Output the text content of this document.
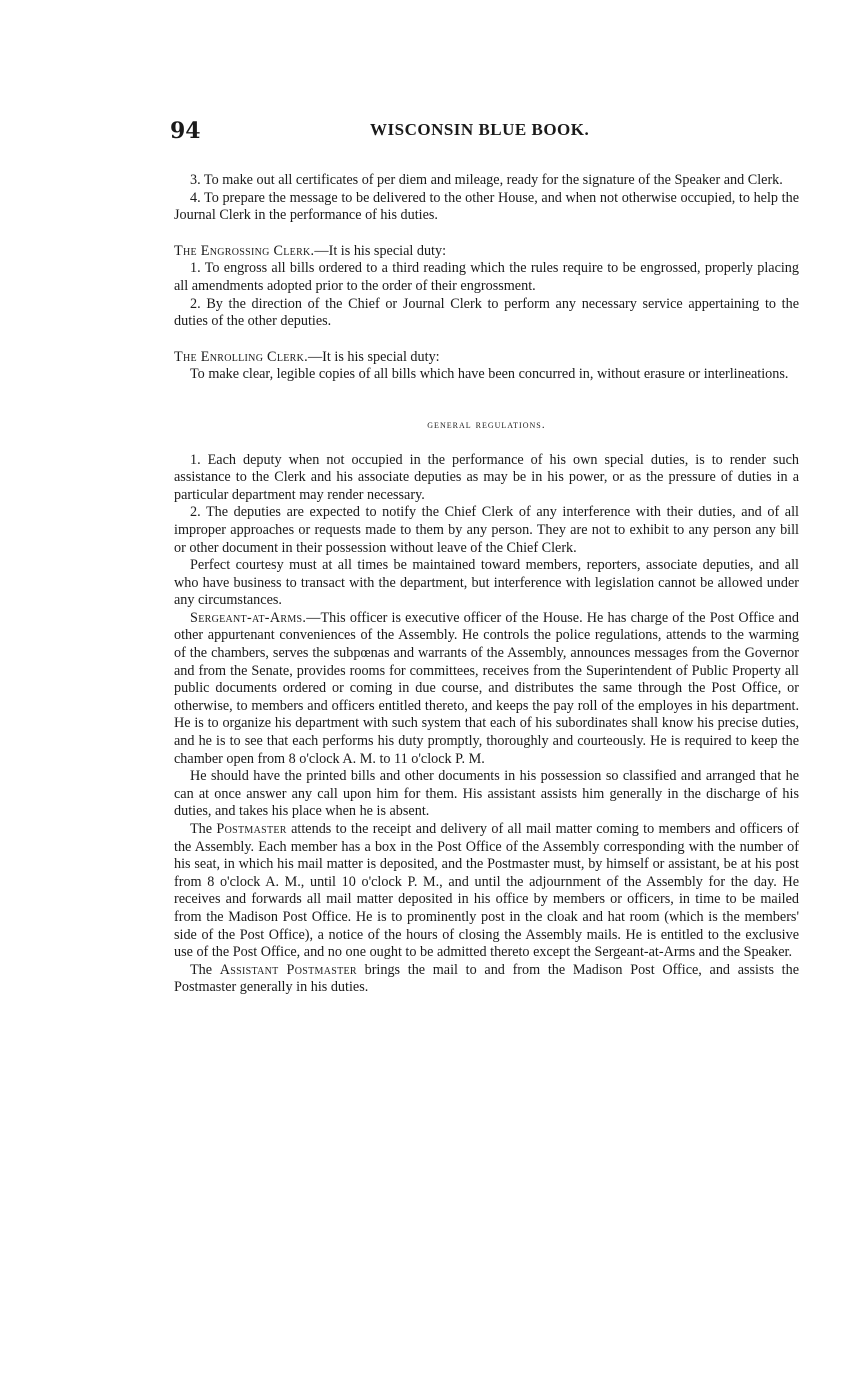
94	WISCONSIN BLUE BOOK.

3. To make out all certificates of per diem and mileage, ready for the signature of the Speaker and Clerk.

4. To prepare the message to be delivered to the other House, and when not otherwise occupied, to help the Journal Clerk in the performance of his duties.

The Engrossing Clerk.—It is his special duty:

1. To engross all bills ordered to a third reading which the rules require to be engrossed, properly placing all amendments adopted prior to the order of their engrossment.

2. By the direction of the Chief or Journal Clerk to perform any necessary service appertaining to the duties of the other deputies.

The Enrolling Clerk.—It is his special duty:

To make clear, legible copies of all bills which have been concurred in, without erasure or interlineations.

general regulations.

1. Each deputy when not occupied in the performance of his own special duties, is to render such assistance to the Clerk and his associate deputies as may be in his power, or as the pressure of duties in a particular department may render necessary.

2. The deputies are expected to notify the Chief Clerk of any interference with their duties, and of all improper approaches or requests made to them by any person. They are not to exhibit to any person any bill or other document in their possession without leave of the Chief Clerk.

Perfect courtesy must at all times be maintained toward members, reporters, associate deputies, and all who have business to transact with the department, but interference with legislation cannot be allowed under any circumstances.

Sergeant-at-Arms.—This officer is executive officer of the House. He has charge of the Post Office and other appurtenant conveniences of the Assembly. He controls the police regulations, attends to the warming of the chambers, serves the subpœnas and warrants of the Assembly, announces messages from the Governor and from the Senate, provides rooms for committees, receives from the Superintendent of Public Property all public documents ordered or coming in due course, and distributes the same through the Post Office, or otherwise, to members and officers entitled thereto, and keeps the pay roll of the employes in his department. He is to organize his department with such system that each of his subordinates shall know his precise duties, and he is to see that each performs his duty promptly, thoroughly and courteously. He is required to keep the chamber open from 8 o'clock A. M. to 11 o'clock P. M.

He should have the printed bills and other documents in his possession so classified and arranged that he can at once answer any call upon him for them. His assistant assists him generally in the discharge of his duties, and takes his place when he is absent.

The Postmaster attends to the receipt and delivery of all mail matter coming to members and officers of the Assembly. Each member has a box in the Post Office of the Assembly corresponding with the number of his seat, in which his mail matter is deposited, and the Postmaster must, by himself or assistant, be at his post from 8 o'clock A. M., until 10 o'clock P. M., and until the adjournment of the Assembly for the day. He receives and forwards all mail matter deposited in his office by members or officers, in time to be mailed from the Madison Post Office. He is to prominently post in the cloak and hat room (which is the members' side of the Post Office), a notice of the hours of closing the Assembly mails. He is entitled to the exclusive use of the Post Office, and no one ought to be admitted thereto except the Sergeant-at-Arms and the Speaker.

The Assistant Postmaster brings the mail to and from the Madison Post Office, and assists the Postmaster generally in his duties.
